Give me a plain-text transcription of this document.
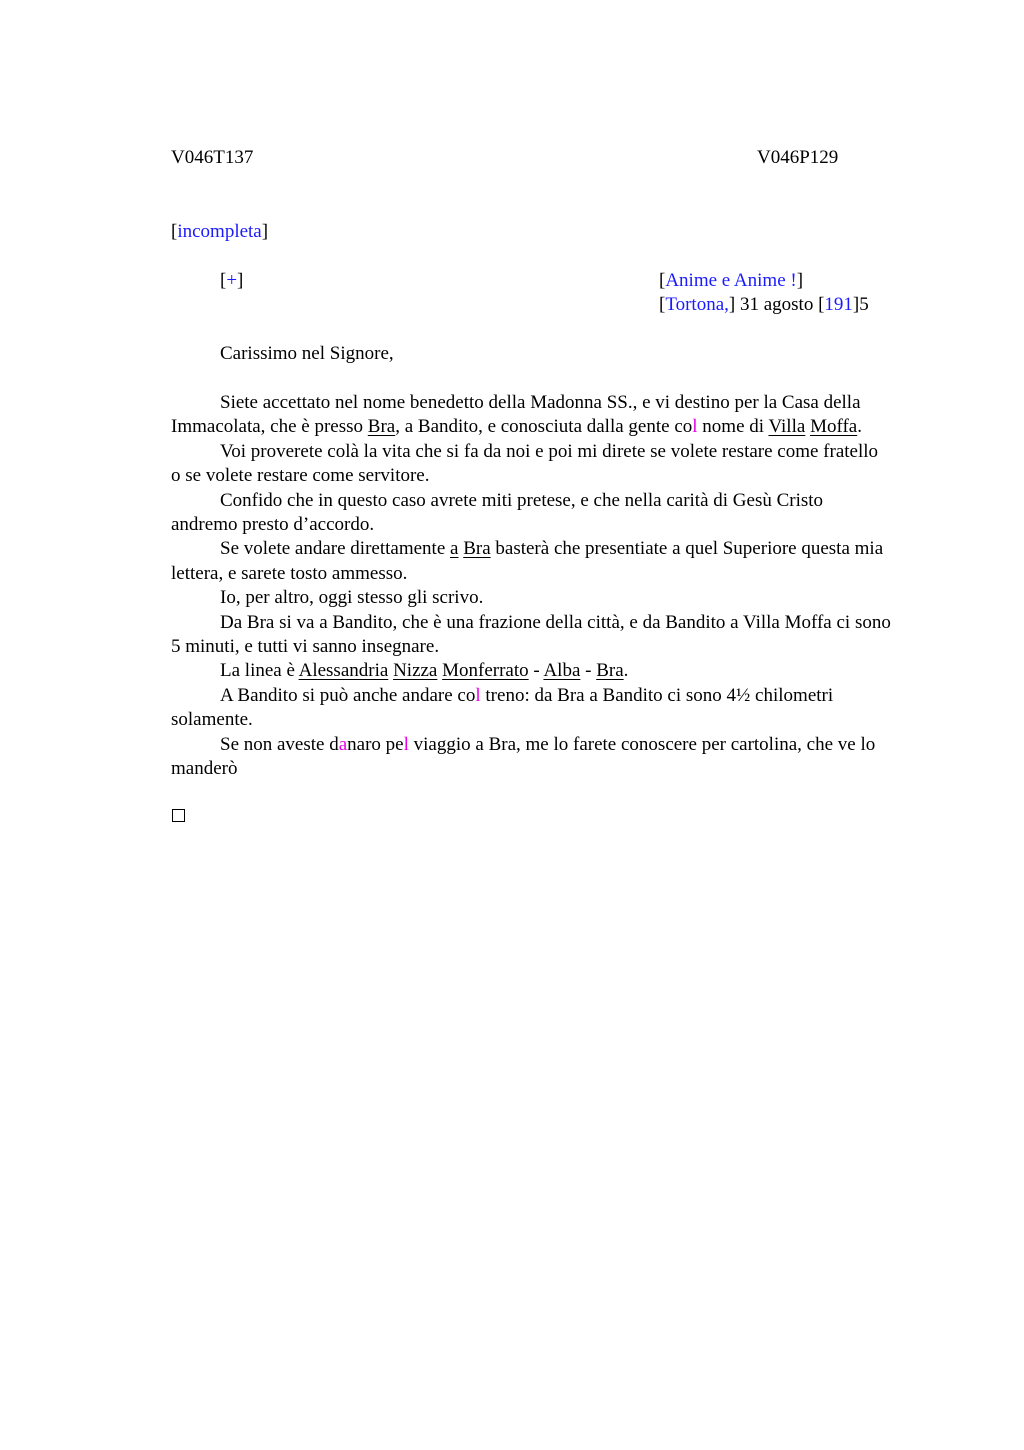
V046T137	V046P129
[incompleta]
[+]	[Anime e Anime !]
[Tortona,] 31 agosto [191]5
Carissimo nel Signore,

Siete accettato nel nome benedetto della Madonna SS., e vi destino per la Casa della Immacolata, che è presso Bra, a Bandito, e conosciuta dalla gente col nome di Villa Moffa.

Voi proverete colà la vita che si fa da noi e poi mi direte se volete restare come fratello o se volete restare come servitore.

Confido che in questo caso avrete miti pretese, e che nella carità di Gesù Cristo andremo presto d’accordo.

Se volete andare direttamente a Bra basterà che presentiate a quel Superiore questa mia lettera, e sarete tosto ammesso.

Io, per altro, oggi stesso gli scrivo.

Da Bra si va a Bandito, che è una frazione della città, e da Bandito a Villa Moffa ci sono 5 minuti, e tutti vi sanno insegnare.

La linea è Alessandria Nizza Monferrato - Alba - Bra.

A Bandito si può anche andare col treno: da Bra a Bandito ci sono 4½ chilometri solamente.

Se non aveste danaro pel viaggio a Bra, me lo farete conoscere per cartolina, che ve lo manderò
